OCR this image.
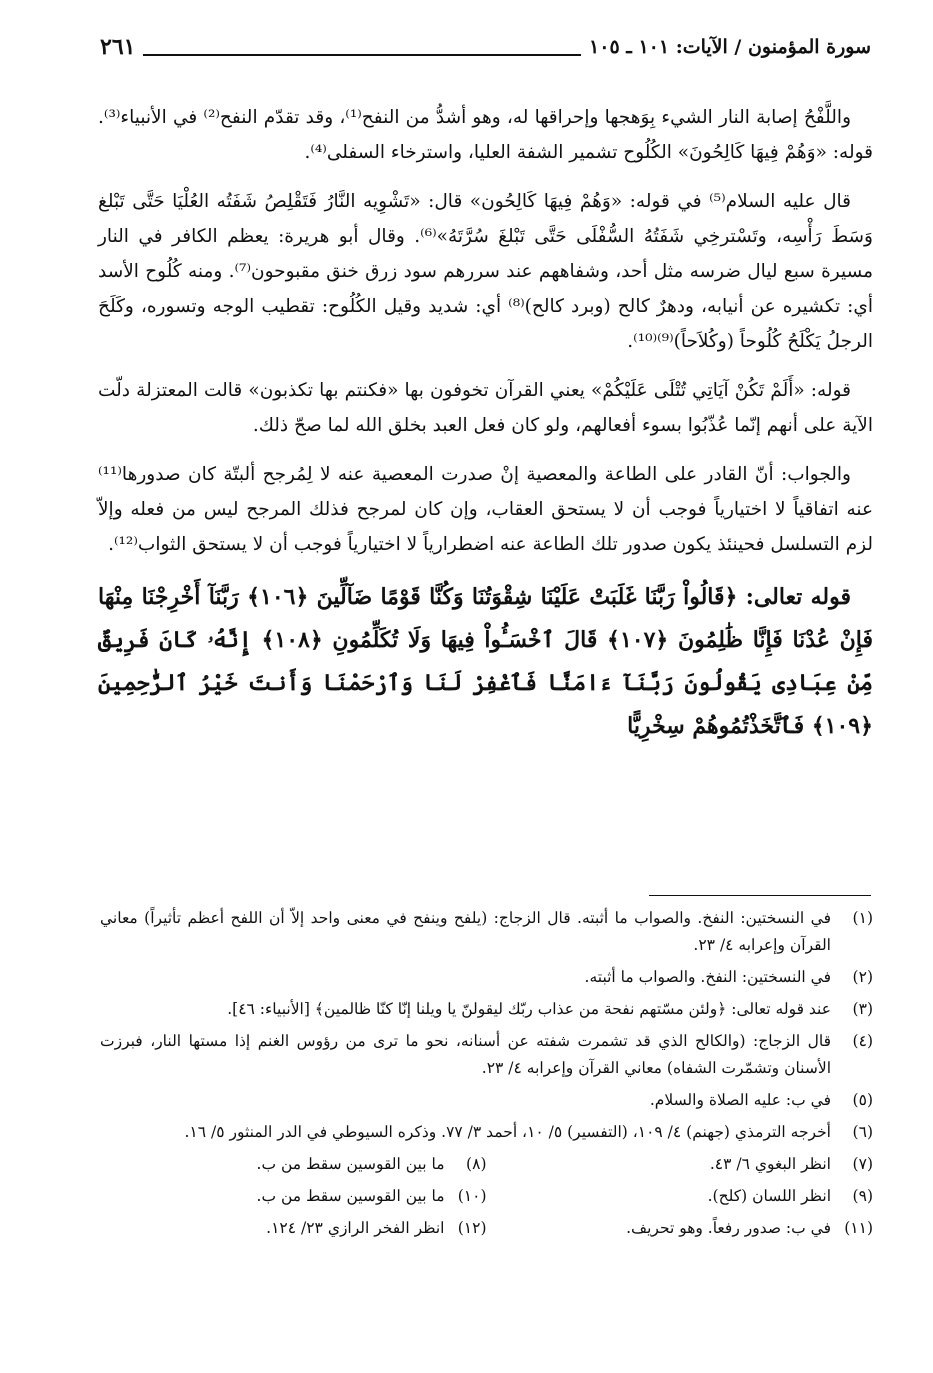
سورة المؤمنون / الآيات: ١٠١ ـ ١٠٥
٢٦١

واللَّفْحُ إصابة النار الشيء بِوَهجها وإحراقها له، وهو أشدُّ من النفح⁽¹⁾، وقد تقدّم النفح⁽²⁾ في الأنبياء⁽³⁾. قوله: «وَهُمْ فِيهَا كَالِحُونَ» الكُلُوح تشمير الشفة العليا، واسترخاء السفلى⁽⁴⁾.

قال عليه السلام⁽⁵⁾ في قوله: «وَهُمْ فِيهَا كَالِحُون» قال: «تَشْوِيه النَّارُ فَتَقْلِصُ شَفَتُه العُلْيَا حَتَّى تَبْلغ وَسَطَ رَأْسِه، وتَسْترخِي شَفَتُهُ السُّفْلَى حَتَّى تَبْلغَ سُرَّتَهُ»⁽⁶⁾. وقال أبو هريرة: يعظم الكافر في النار مسيرة سبع ليال ضرسه مثل أحد، وشفاههم عند سررهم سود زرق خنق مقبوحون⁽⁷⁾. ومنه كُلُوح الأسد أي: تكشيره عن أنيابه، ودهرٌ كالح (وبرد كالح)⁽⁸⁾ أي: شديد وقيل الكُلُوح: تقطيب الوجه وتسوره، وكَلَحَ الرجلُ يَكْلَحُ كُلُوحاً (وكُلاَحاً)⁽⁹⁾⁽¹⁰⁾.

قوله: «أَلَمْ تَكُنْ آيَاتِي تُتْلَى عَلَيْكُمْ» يعني القرآن تخوفون بها «فكنتم بها تكذبون» قالت المعتزلة دلّت الآية على أنهم إنّما عُذّبُوا بسوء أفعالهم، ولو كان فعل العبد بخلق الله لما صحّ ذلك.

والجواب: أنّ القادر على الطاعة والمعصية إنْ صدرت المعصية عنه لا لِمُرجح ألبتّة كان صدورها⁽¹¹⁾ عنه اتفاقياً لا اختيارياً فوجب أن لا يستحق العقاب، وإن كان لمرجح فذلك المرجح ليس من فعله وإلاّ لزم التسلسل فحينئذ يكون صدور تلك الطاعة عنه اضطرارياً لا اختيارياً فوجب أن لا يستحق الثواب⁽¹²⁾.

قوله تعالى: ﴿قَالُواْ رَبَّنَا غَلَبَتْ عَلَيْنَا شِقْوَتُنَا وَكُنَّا قَوْمًا ضَآلِّينَ ﴿١٠٦﴾ رَبَّنَآ أَخْرِجْنَا مِنْهَا فَإِنْ عُدْنَا فَإِنَّا ظَٰلِمُونَ ﴿١٠٧﴾ قَالَ ٱخْسَـُٔواْ فِيهَا وَلَا تُكَلِّمُونِ ﴿١٠٨﴾ إِنَّهُۥ كَانَ فَرِيقٌ مِّنْ عِبَادِى يَقُولُونَ رَبَّنَآ ءَامَنَّا فَٱغْفِرْ لَنَا وَٱرْحَمْنَا وَأَنتَ خَيْرُ ٱلرَّٰحِمِينَ ﴿١٠٩﴾ فَٱتَّخَذْتُمُوهُمْ سِخْرِيًّا

(١)
في النسختين: النفخ. والصواب ما أثبته. قال الزجاج: (يلفح وينفح في معنى واحد إلاّ أن اللفح أعظم تأثيراً) معاني القرآن وإعرابه ٤/ ٢٣.
(٢)
في النسختين: النفخ. والصواب ما أثبته.
(٣)
عند قوله تعالى: ﴿ولئن مسّتهم نفحة من عذاب ربّك ليقولنّ يا ويلنا إنّا كنّا ظالمين﴾ [الأنبياء: ٤٦].
(٤)
قال الزجاج: (والكالح الذي قد تشمرت شفته عن أسنانه، نحو ما ترى من رؤوس الغنم إذا مستها النار، فبرزت الأسنان وتشمّرت الشفاه) معاني القرآن وإعرابه ٤/ ٢٣.
(٥)
في ب: عليه الصلاة والسلام.
(٦)
أخرجه الترمذي (جهنم) ٤/ ١٠٩، (التفسير) ٥/ ١٠، أحمد ٣/ ٧٧. وذكره السيوطي في الدر المنثور ٥/ ١٦.
(٧)
انظر البغوي ٦/ ٤٣.
(٨)
ما بين القوسين سقط من ب.
(٩)
انظر اللسان (كلح).
(١٠)
ما بين القوسين سقط من ب.
(١١)
في ب: صدور رفعاً. وهو تحريف.
(١٢)
انظر الفخر الرازي ٢٣/ ١٢٤.
